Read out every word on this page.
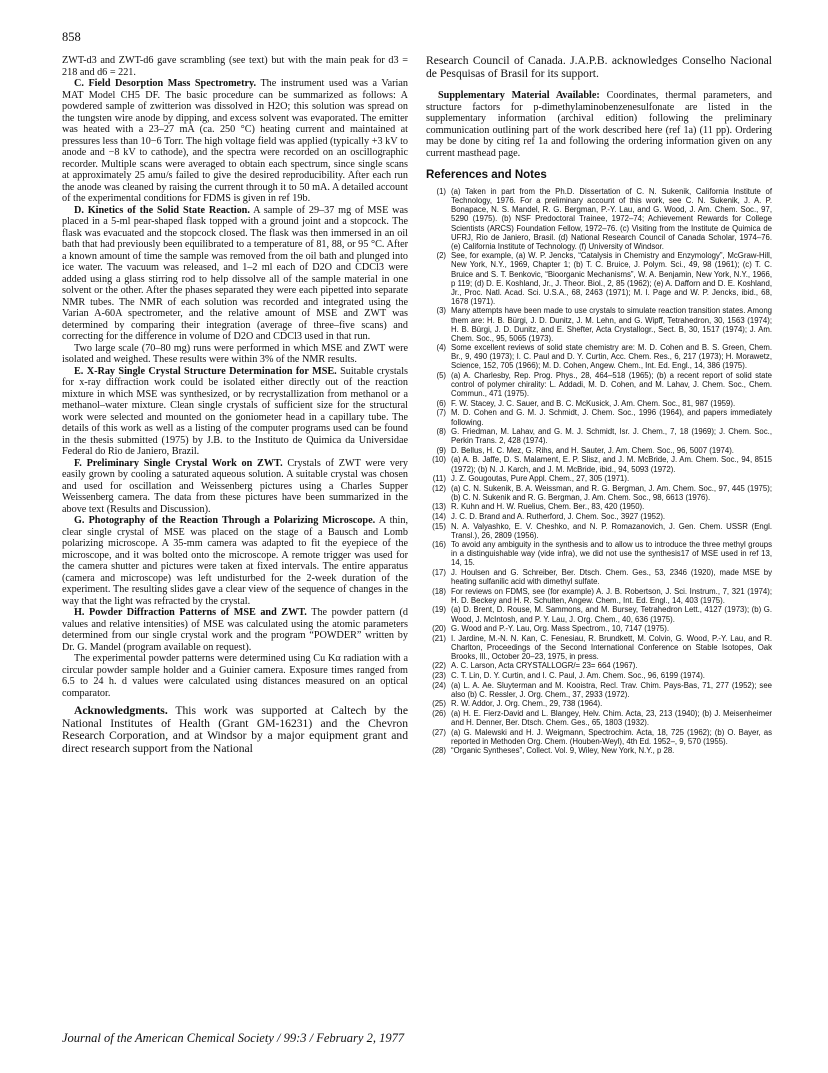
858

ZWT-d3 and ZWT-d6 gave scrambling (see text) but with the main peak for d3 = 218 and d6 = 221.

C. Field Desorption Mass Spectrometry. The instrument used was a Varian MAT Model CH5 DF. The basic procedure can be summarized as follows: A powdered sample of zwitterion was dissolved in H2O; this solution was spread on the tungsten wire anode by dipping, and excess solvent was evaporated. The emitter was heated with a 23–27 mA (ca. 250 °C) heating current and maintained at pressures less than 10−6 Torr. The high voltage field was applied (typically +3 kV to anode and −8 kV to cathode), and the spectra were recorded on an oscillographic recorder. Multiple scans were averaged to obtain each spectrum, since single scans at approximately 25 amu/s failed to give the desired reproducibility. After each run the anode was cleaned by raising the current through it to 50 mA. A detailed account of the experimental conditions for FDMS is given in ref 19b.

D. Kinetics of the Solid State Reaction. A sample of 29–37 mg of MSE was placed in a 5-ml pear-shaped flask topped with a ground joint and a stopcock. The flask was evacuated and the stopcock closed. The flask was then immersed in an oil bath that had previously been equilibrated to a temperature of 81, 88, or 95 °C. After a known amount of time the sample was removed from the oil bath and plunged into ice water. The vacuum was released, and 1–2 ml each of D2O and CDCl3 were added using a glass stirring rod to help dissolve all of the sample material in one solvent or the other. After the phases separated they were each pipetted into separate NMR tubes. The NMR of each solution was recorded and integrated using the Varian A-60A spectrometer, and the relative amount of MSE and ZWT was determined by comparing their integration (average of three–five scans) and correcting for the difference in volume of D2O and CDCl3 used in that run.

Two large scale (70–80 mg) runs were performed in which MSE and ZWT were isolated and weighed. These results were within 3% of the NMR results.

E. X-Ray Single Crystal Structure Determination for MSE. Suitable crystals for x-ray diffraction work could be isolated either directly out of the reaction mixture in which MSE was synthesized, or by recrystallization from methanol or a methanol–water mixture. Clean single crystals of sufficient size for the structural work were selected and mounted on the goniometer head in a capillary tube. The details of this work as well as a listing of the computer programs used can be found in the thesis submitted (1975) by J.B. to the Instituto de Quimica da Universidae Federal do Rio de Janiero, Brazil.

F. Preliminary Single Crystal Work on ZWT. Crystals of ZWT were very easily grown by cooling a saturated aqueous solution. A suitable crystal was chosen and used for oscillation and Weissenberg pictures using a Charles Supper Weissenberg camera. The data from these pictures have been summarized in the above text (Results and Discussion).

G. Photography of the Reaction Through a Polarizing Microscope. A thin, clear single crystal of MSE was placed on the stage of a Bausch and Lomb polarizing microscope. A 35-mm camera was adapted to fit the eyepiece of the microscope, and it was bolted onto the microscope. A remote trigger was used for the camera shutter and pictures were taken at fixed intervals. The entire apparatus (camera and microscope) was left undisturbed for the 2-week duration of the experiment. The resulting slides gave a clear view of the sequence of changes in the way that the light was refracted by the crystal.

H. Powder Diffraction Patterns of MSE and ZWT. The powder pattern (d values and relative intensities) of MSE was calculated using the atomic parameters determined from our single crystal work and the program “POWDER” written by Dr. G. Mandel (program available on request).

The experimental powder patterns were determined using Cu Kα radiation with a circular powder sample holder and a Guinier camera. Exposure times ranged from 6.5 to 24 h. d values were calculated using distances measured on an optical comparator.

Acknowledgments. This work was supported at Caltech by the National Institutes of Health (Grant GM-16231) and the Chevron Research Corporation, and at Windsor by a major equipment grant and direct research support from the National

Research Council of Canada. J.A.P.B. acknowledges Conselho Nacional de Pesquisas of Brasil for its support.

Supplementary Material Available: Coordinates, thermal parameters, and structure factors for p-dimethylaminobenzenesulfonate are listed in the supplementary information (archival edition) following the preliminary communication outlining part of the work described here (ref 1a) (11 pp). Ordering may be done by citing ref 1a and following the ordering information given on any current masthead page.

References and Notes
(1) (a) Taken in part from the Ph.D. Dissertation of C. N. Sukenik, California Institute of Technology, 1976. For a preliminary account of this work, see C. N. Sukenik, J. A. P. Bonapace, N. S. Mandel, R. G. Bergman, P.-Y. Lau, and G. Wood, J. Am. Chem. Soc., 97, 5290 (1975). (b) NSF Predoctoral Trainee, 1972–74; Achievement Rewards for College Scientists (ARCS) Foundation Fellow, 1972–76. (c) Visiting from the Institute de Quimica de UFRJ, Rio de Janiero, Brasil. (d) National Research Council of Canada Scholar, 1974–76. (e) California Institute of Technology. (f) University of Windsor.
(2) See, for example, (a) W. P. Jencks, “Catalysis in Chemistry and Enzymology”, McGraw-Hill, New York, N.Y., 1969, Chapter 1; (b) T. C. Bruice, J. Polym. Sci., 49, 98 (1961); (c) T. C. Bruice and S. T. Benkovic, “Bioorganic Mechanisms”, W. A. Benjamin, New York, N.Y., 1966, p 119; (d) D. E. Koshland, Jr., J. Theor. Biol., 2, 85 (1962); (e) A. Dafforn and D. E. Koshland, Jr., Proc. Natl. Acad. Sci. U.S.A., 68, 2463 (1971); M. I. Page and W. P. Jencks, ibid., 68, 1678 (1971).
(3) Many attempts have been made to use crystals to simulate reaction transition states. Among them are: H. B. Bürgi, J. D. Dunitz, J. M. Lehn, and G. Wipff, Tetrahedron, 30, 1563 (1974); H. B. Bürgi, J. D. Dunitz, and E. Shefter, Acta Crystallogr., Sect. B, 30, 1517 (1974); J. Am. Chem. Soc., 95, 5065 (1973).
(4) Some excellent reviews of solid state chemistry are: M. D. Cohen and B. S. Green, Chem. Br., 9, 490 (1973); I. C. Paul and D. Y. Curtin, Acc. Chem. Res., 6, 217 (1973); H. Morawetz, Science, 152, 705 (1966); M. D. Cohen, Angew. Chem., Int. Ed. Engl., 14, 386 (1975).
(5) (a) A. Charlesby, Rep. Prog. Phys., 28, 464–518 (1965); (b) a recent report of solid state control of polymer chirality: L. Addadi, M. D. Cohen, and M. Lahav, J. Chem. Soc., Chem. Commun., 471 (1975).
(6) F. W. Stacey, J. C. Sauer, and B. C. McKusick, J. Am. Chem. Soc., 81, 987 (1959).
(7) M. D. Cohen and G. M. J. Schmidt, J. Chem. Soc., 1996 (1964), and papers immediately following.
(8) G. Friedman, M. Lahav, and G. M. J. Schmidt, Isr. J. Chem., 7, 18 (1969); J. Chem. Soc., Perkin Trans. 2, 428 (1974).
(9) D. Bellus, H. C. Mez, G. Rihs, and H. Sauter, J. Am. Chem. Soc., 96, 5007 (1974).
(10) (a) A. B. Jaffe, D. S. Malament, E. P. Slisz, and J. M. McBride, J. Am. Chem. Soc., 94, 8515 (1972); (b) N. J. Karch, and J. M. McBride, ibid., 94, 5093 (1972).
(11) J. Z. Gougoutas, Pure Appl. Chem., 27, 305 (1971).
(12) (a) C. N. Sukenik, B. A. Weissman, and R. G. Bergman, J. Am. Chem. Soc., 97, 445 (1975); (b) C. N. Sukenik and R. G. Bergman, J. Am. Chem. Soc., 98, 6613 (1976).
(13) R. Kuhn and H. W. Ruelius, Chem. Ber., 83, 420 (1950).
(14) J. C. D. Brand and A. Rutherford, J. Chem. Soc., 3927 (1952).
(15) N. A. Valyashko, E. V. Cheshko, and N. P. Romazanovich, J. Gen. Chem. USSR (Engl. Transl.), 26, 2809 (1956).
(16) To avoid any ambiguity in the synthesis and to allow us to introduce the three methyl groups in a distinguishable way (vide infra), we did not use the synthesis17 of MSE used in ref 13, 14, 15.
(17) J. Houlsen and G. Schreiber, Ber. Dtsch. Chem. Ges., 53, 2346 (1920), made MSE by heating sulfanilic acid with dimethyl sulfate.
(18) For reviews on FDMS, see (for example) A. J. B. Robertson, J. Sci. Instrum., 7, 321 (1974); H. D. Beckey and H. R. Schulten, Angew. Chem., Int. Ed. Engl., 14, 403 (1975).
(19) (a) D. Brent, D. Rouse, M. Sammons, and M. Bursey, Tetrahedron Lett., 4127 (1973); (b) G. Wood, J. McIntosh, and P. Y. Lau, J. Org. Chem., 40, 636 (1975).
(20) G. Wood and P.-Y. Lau, Org. Mass Spectrom., 10, 7147 (1975).
(21) I. Jardine, M.-N. N. Kan, C. Fenesiau, R. Brundkett, M. Colvin, G. Wood, P.-Y. Lau, and R. Charlton, Proceedings of the Second International Conference on Stable Isotopes, Oak Brooks, Ill., October 20–23, 1975, in press.
(22) A. C. Larson, Acta CRYSTALLOGR/= 23= 664 (1967).
(23) C. T. Lin, D. Y. Curtin, and I. C. Paul, J. Am. Chem. Soc., 96, 6199 (1974).
(24) (a) L. A. Ae. Sluyterman and M. Kooistra, Recl. Trav. Chim. Pays-Bas, 71, 277 (1952); see also (b) C. Ressler, J. Org. Chem., 37, 2933 (1972).
(25) R. W. Addor, J. Org. Chem., 29, 738 (1964).
(26) (a) H. E. Fierz-David and L. Blangey, Helv. Chim. Acta, 23, 213 (1940); (b) J. Meisenheimer and H. Denner, Ber. Dtsch. Chem. Ges., 65, 1803 (1932).
(27) (a) G. Malewski and H. J. Weigmann, Spectrochim. Acta, 18, 725 (1962); (b) O. Bayer, as reported in Methoden Org. Chem. (Houben-Weyl), 4th Ed. 1952–, 9, 570 (1955).
(28) “Organic Syntheses”, Collect. Vol. 9, Wiley, New York, N.Y., p 28.
Journal of the American Chemical Society / 99:3 / February 2, 1977
